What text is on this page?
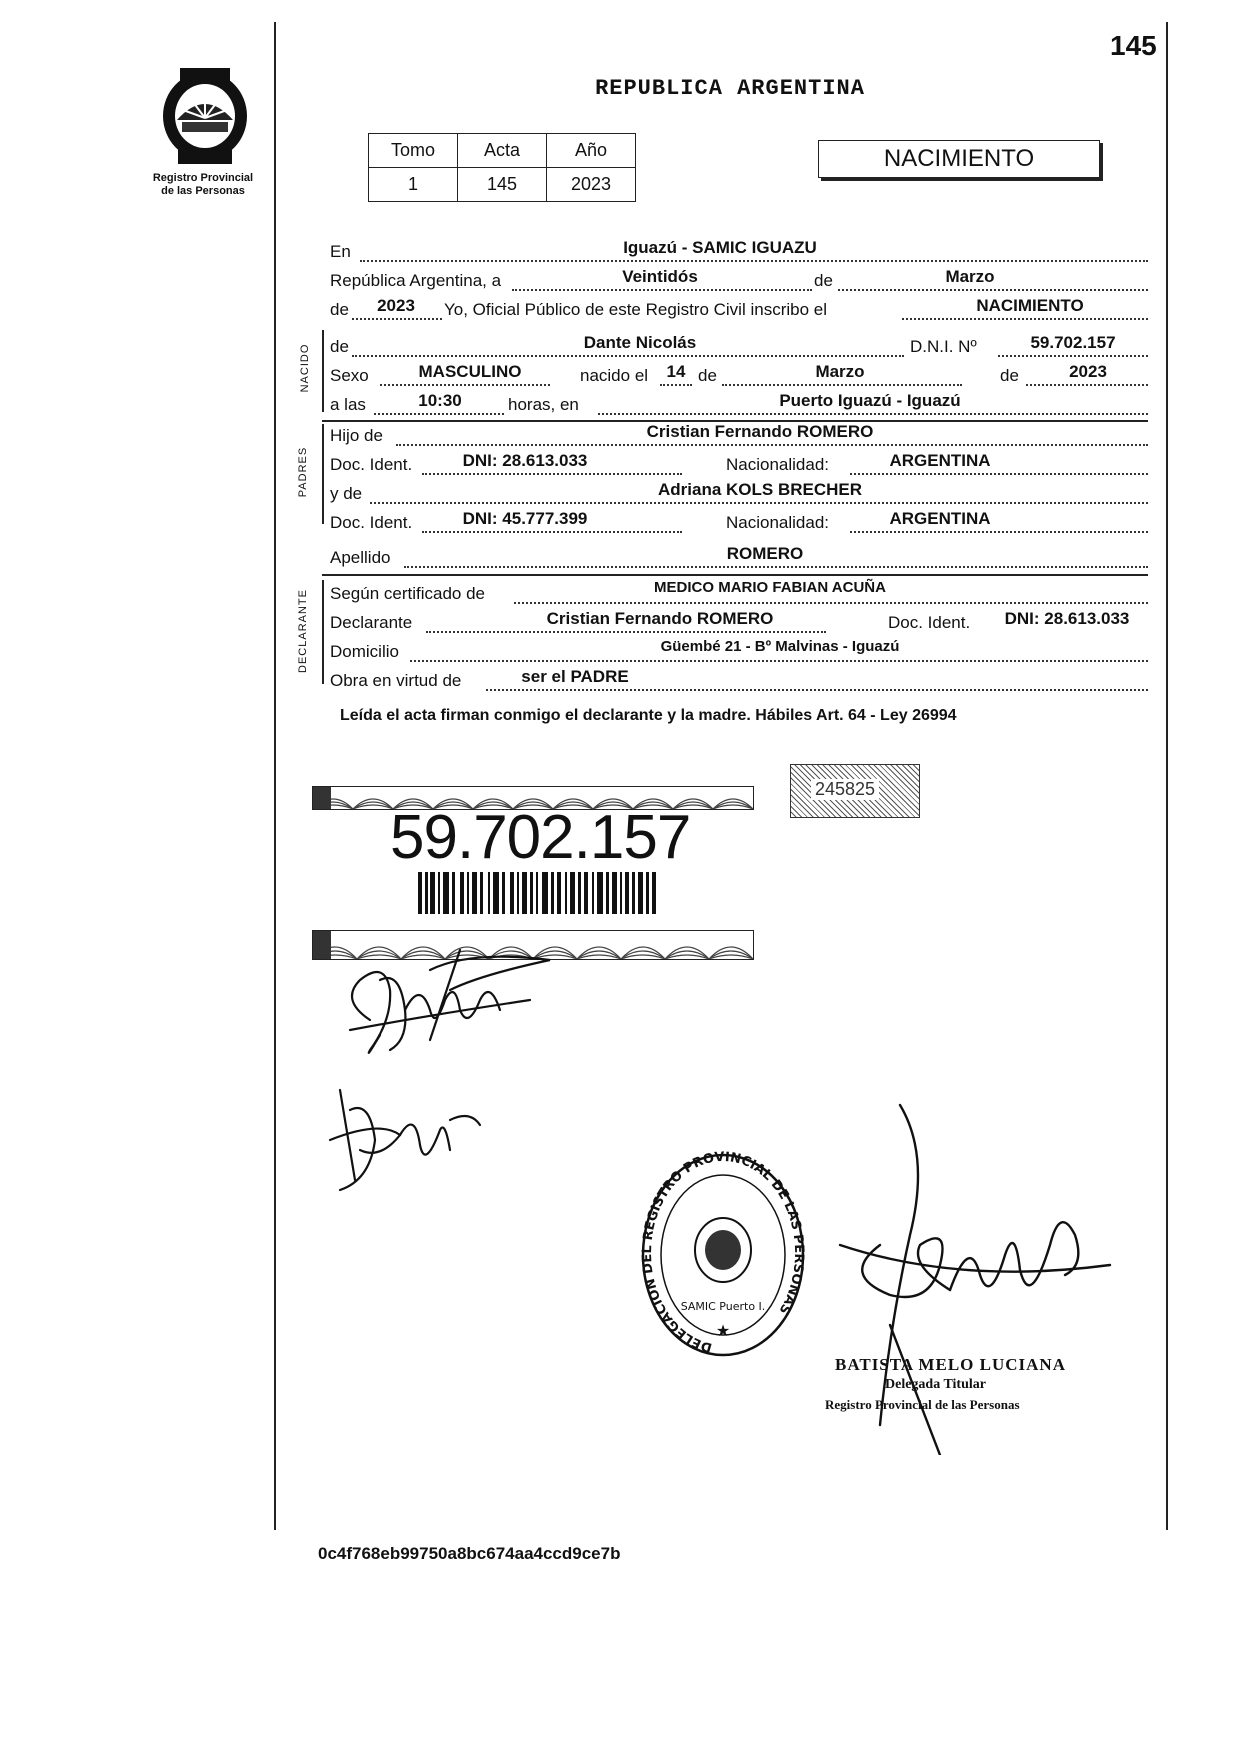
Registro Provincial
de las Personas
145
REPUBLICA ARGENTINA
Tomo	Acta	Año
1	145	2023
NACIMIENTO
NACIDO
PADRES
DECLARANTE
En	Iguazú - SAMIC IGUAZU
República Argentina, a	Veintidós	de	Marzo
de	2023	Yo, Oficial Público de este Registro Civil inscribo el	NACIMIENTO
de	Dante Nicolás	D.N.I. Nº	59.702.157
Sexo	MASCULINO	nacido el	14 de	Marzo	de	2023
a las	10:30	horas, en	Puerto Iguazú - Iguazú
Hijo de	Cristian Fernando ROMERO
Doc. Ident.	DNI: 28.613.033	Nacionalidad:	ARGENTINA
y de	Adriana KOLS BRECHER
Doc. Ident.	DNI: 45.777.399	Nacionalidad:	ARGENTINA
Apellido	ROMERO
Según certificado de	MEDICO MARIO FABIAN ACUÑA
Declarante	Cristian Fernando ROMERO	Doc. Ident.	DNI: 28.613.033
Domicilio	Güembé 21 - Bº Malvinas - Iguazú
Obra en virtud de	ser el PADRE
Leída el acta firman conmigo el declarante y la madre. Hábiles Art. 64 - Ley 26994
245825
59.702.157
DELEGACION DEL REGISTRO PROVINCIAL DE LAS PERSONAS
SAMIC Puerto I.
★
BATISTA MELO LUCIANA
Delegada Titular
Registro Provincial de las Personas
0c4f768eb99750a8bc674aa4ccd9ce7b
